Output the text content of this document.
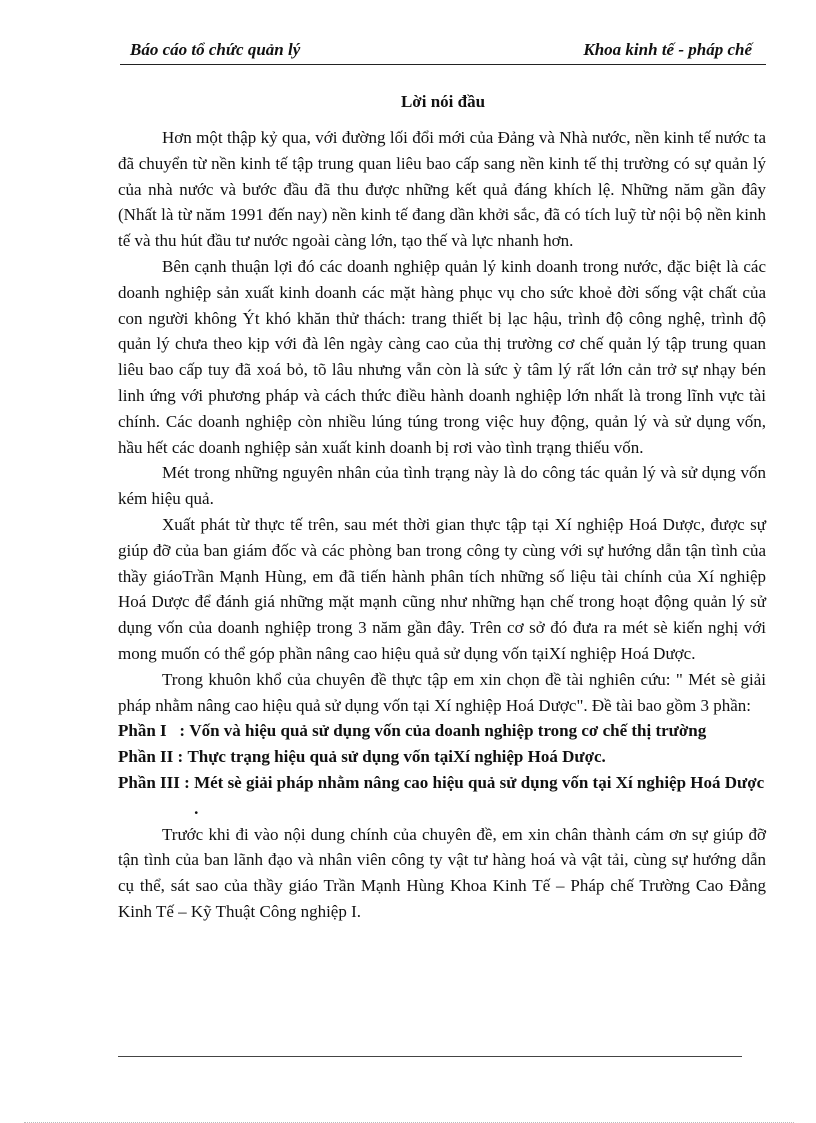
Báo cáo tổ chức quản lý	Khoa kinh tế - pháp chế
Lời nói đầu

Hơn một thập kỷ qua, với đường lối đổi mới của Đảng và Nhà nước, nền kinh tế nước ta đã chuyển từ nền kinh tế tập trung quan liêu bao cấp sang nền kinh tế thị trường có sự quản lý của nhà nước và bước đầu đã thu được những kết quả đáng khích lệ. Những năm gần đây (Nhất là từ năm 1991 đến nay) nền kinh tế đang dần khởi sắc, đã có tích luỹ từ nội bộ nền kinh tế và thu hút đầu tư nước ngoài càng lớn, tạo thế và lực nhanh hơn.

Bên cạnh thuận lợi đó các doanh nghiệp quản lý kinh doanh trong nước, đặc biệt là các doanh nghiệp sản xuất kinh doanh các mặt hàng phục vụ cho sức khoẻ đời sống vật chất của con người không Ýt khó khăn thử thách: trang thiết bị lạc hậu, trình độ công nghệ, trình độ quản lý chưa theo kịp với đà lên ngày càng cao của thị trường cơ chế quản lý tập trung quan liêu bao cấp tuy đã xoá bỏ, tõ lâu nhưng vẫn còn là sức ỳ tâm lý rất lớn cản trở sự nhạy bén linh ứng với phương pháp và cách thức điều hành doanh nghiệp lớn nhất là trong lĩnh vực tài chính. Các doanh nghiệp còn nhiều lúng túng trong việc huy động, quản lý và sử dụng vốn, hầu hết các doanh nghiệp sản xuất kinh doanh bị rơi vào tình trạng thiếu vốn.

Mét trong những nguyên nhân của tình trạng này là do công tác quản lý và sử dụng vốn kém hiệu quả.

Xuất phát từ thực tế trên, sau mét thời gian thực tập tại Xí nghiệp Hoá Dược, được sự giúp đỡ của ban giám đốc và các phòng ban trong công ty cùng với sự hướng dẫn tận tình của thầy giáoTrần Mạnh Hùng, em đã tiến hành phân tích những số liệu tài chính của Xí nghiệp Hoá Dược để đánh giá những mặt mạnh cũng như những hạn chế trong hoạt động quản lý sử dụng vốn của doanh nghiệp trong 3 năm gần đây. Trên cơ sở đó đưa ra mét sè kiến nghị với mong muốn có thể góp phần nâng cao hiệu quả sử dụng vốn tạiXí nghiệp Hoá Dược.

Trong khuôn khổ của chuyên đề thực tập em xin chọn đề tài nghiên cứu: " Mét sè giải pháp nhằm nâng cao hiệu quả sử dụng vốn tại Xí nghiệp Hoá Dược". Đề tài bao gồm 3 phần:

Phần I   : Vốn và hiệu quả sử dụng vốn của doanh nghiệp trong cơ chế thị trường
Phần II : Thực trạng hiệu quả sử dụng vốn tạiXí nghiệp Hoá Dược.
Phần III : Mét sè giải pháp nhằm nâng cao hiệu quả sử dụng vốn tại Xí nghiệp Hoá Dược .

Trước khi đi vào nội dung chính của chuyên đề, em xin chân thành cám ơn sự giúp đỡ tận tình của ban lãnh đạo và nhân viên công ty vật tư hàng hoá và vật tải, cùng sự hướng dẫn cụ thể, sát sao của thầy giáo Trần Mạnh Hùng Khoa Kinh Tế – Pháp chế Trường Cao Đẳng Kinh Tế – Kỹ Thuật Công nghiệp I.
